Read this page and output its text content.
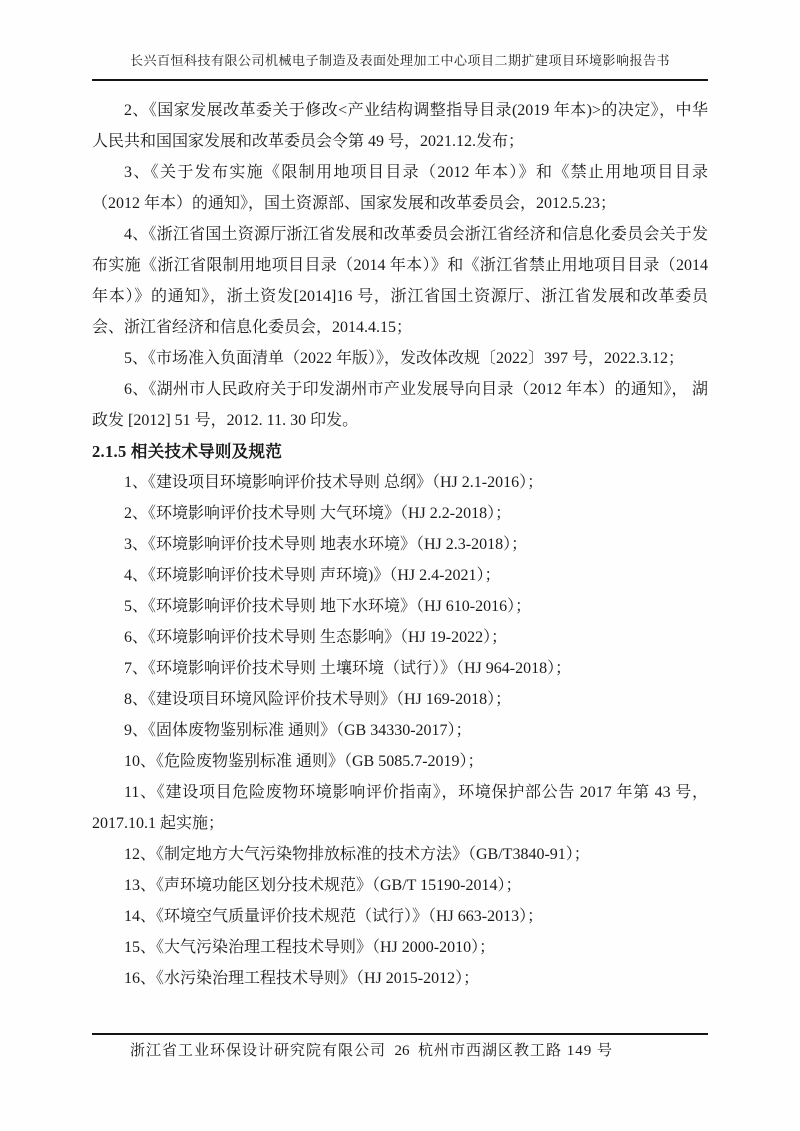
长兴百恒科技有限公司机械电子制造及表面处理加工中心项目二期扩建项目环境影响报告书

2、《国家发展改革委关于修改<产业结构调整指导目录(2019 年本)>的决定》，中华人民共和国国家发展和改革委员会令第 49 号，2021.12.发布；

3、《关于发布实施《限制用地项目目录（2012 年本）》和《禁止用地项目目录（2012 年本）的通知》，国土资源部、国家发展和改革委员会，2012.5.23；

4、《浙江省国土资源厅浙江省发展和改革委员会浙江省经济和信息化委员会关于发布实施《浙江省限制用地项目目录（2014 年本）》和《浙江省禁止用地项目目录（2014 年本）》的通知》，浙土资发[2014]16 号，浙江省国土资源厅、浙江省发展和改革委员会、浙江省经济和信息化委员会，2014.4.15；

5、《市场准入负面清单（2022 年版）》，发改体改规〔2022〕397 号，2022.3.12；

6、《湖州市人民政府关于印发湖州市产业发展导向目录（2012 年本）的通知》， 湖政发 [2012] 51 号，2012. 11. 30 印发。

2.1.5 相关技术导则及规范

1、《建设项目环境影响评价技术导则 总纲》（HJ 2.1-2016）；

2、《环境影响评价技术导则 大气环境》（HJ 2.2-2018）；

3、《环境影响评价技术导则 地表水环境》（HJ 2.3-2018）；

4、《环境影响评价技术导则 声环境)》（HJ 2.4-2021）；

5、《环境影响评价技术导则 地下水环境》（HJ 610-2016）；

6、《环境影响评价技术导则 生态影响》（HJ 19-2022）；

7、《环境影响评价技术导则 土壤环境（试行）》（HJ 964-2018）；

8、《建设项目环境风险评价技术导则》（HJ 169-2018）；

9、《固体废物鉴别标准 通则》（GB 34330-2017）；

10、《危险废物鉴别标准 通则》（GB 5085.7-2019）；

11、《建设项目危险废物环境影响评价指南》，环境保护部公告 2017 年第 43 号，2017.10.1 起实施；

12、《制定地方大气污染物排放标准的技术方法》（GB/T3840-91）；

13、《声环境功能区划分技术规范》（GB/T 15190-2014）；

14、《环境空气质量评价技术规范（试行）》（HJ 663-2013）；

15、《大气污染治理工程技术导则》（HJ 2000-2010）；

16、《水污染治理工程技术导则》（HJ 2015-2012）；

浙江省工业环保设计研究院有限公司 26 杭州市西湖区教工路 149 号
